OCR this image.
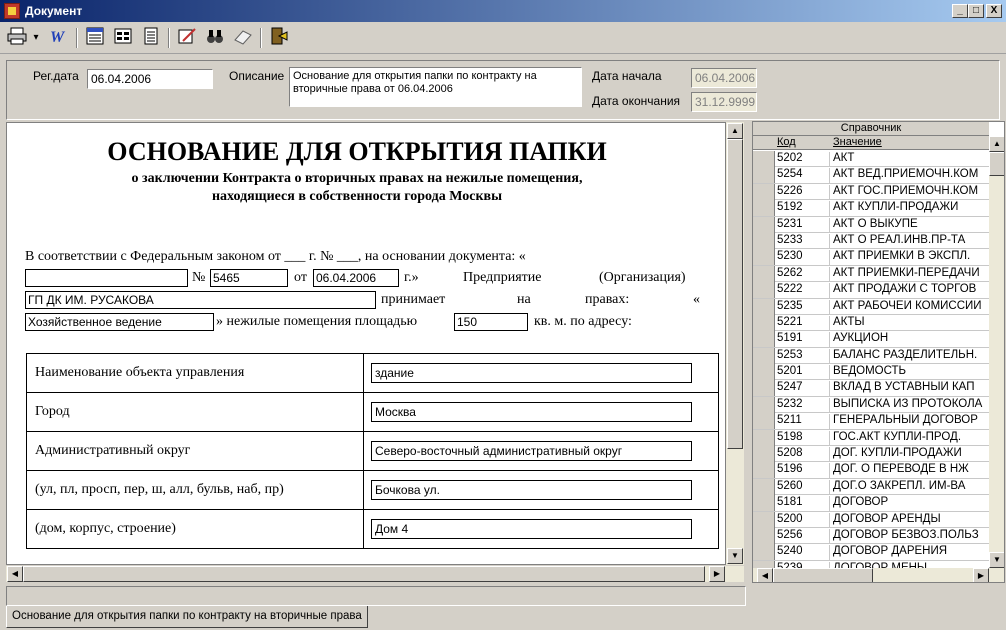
Документ	_	□	X
▾ W
Рег.дата	06.04.2006	Описание Основание для открытия папки по контракту на вторичные права от 06.04.2006
Дата начала	06.04.2006
Дата окончания	31.12.9999
ОСНОВАНИЕ ДЛЯ ОТКРЫТИЯ ПАПКИ
о заключении Контракта о вторичных правах на нежилые помещения,
находящиеся в собственности города Москвы
В соответствии с Федеральным законом от ___ г. № ___, на основании документа: «
№ 5465	от 06.04.2006	г.»	Предприятие	(Организация)
ГП ДК ИМ. РУСАКОВА	принимает	на	правах:	«
Хозяйственное ведение	» нежилые помещения площадью	150	кв. м. по адресу:
Наименование объекта управления	здание

Город	Москва

Административный округ	Северо-восточный административный округ

(ул, пл, просп, пер, ш, алл, бульв, наб, пр)	Бочкова ул.

(дом, корпус, строение)	Дом 4
▲
▼
◀	▶
Справочник
Код	Значение
5202	АКТ
5254	АКТ ВЕД.ПРИЕМОЧН.КОМ
5226	АКТ ГОС.ПРИЕМОЧН.КОМ
5192	АКТ КУПЛИ-ПРОДАЖИ
5231	АКТ О ВЫКУПЕ
5233	АКТ О РЕАЛ.ИНВ.ПР-ТА
5230	АКТ ПРИЕМКИ В ЭКСПЛ.
5262	АКТ ПРИЕМКИ-ПЕРЕДАЧИ
5222	АКТ ПРОДАЖИ С ТОРГОВ
5235	АКТ РАБОЧЕЙ КОМИССИИ
5221	АКТЫ
5191	АУКЦИОН
5253	БАЛАНС РАЗДЕЛИТЕЛЬН.
5201	ВЕДОМОСТЬ
5247	ВКЛАД В УСТАВНЫЙ КАП
5232	ВЫПИСКА ИЗ ПРОТОКОЛА
5211	ГЕНЕРАЛЬНЫЙ ДОГОВОР
5198	ГОС.АКТ КУПЛИ-ПРОД.
5208	ДОГ. КУПЛИ-ПРОДАЖИ
5196	ДОГ. О ПЕРЕВОДЕ В НЖ
5260	ДОГ.О ЗАКРЕПЛ. ИМ-ВА
5181	ДОГОВОР
5200	ДОГОВОР АРЕНДЫ
5256	ДОГОВОР БЕЗВОЗ.ПОЛЬЗ
5240	ДОГОВОР ДАРЕНИЯ
▲
▼
◀	▶
Основание для открытия папки по контракту на вторичные права
